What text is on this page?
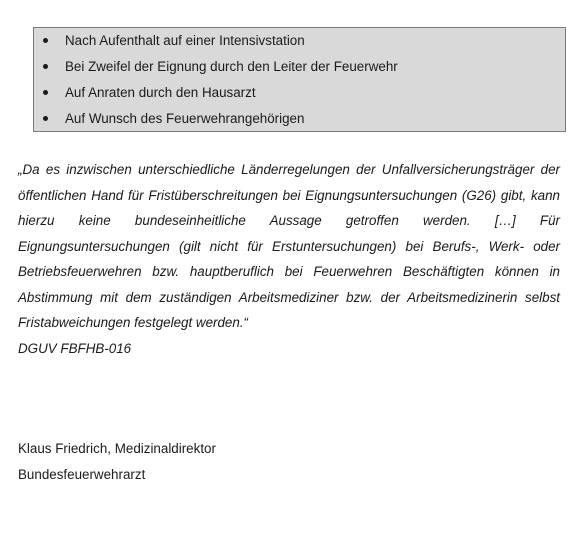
Nach Aufenthalt auf einer Intensivstation
Bei Zweifel der Eignung durch den Leiter der Feuerwehr
Auf Anraten durch den Hausarzt
Auf Wunsch des Feuerwehrangehörigen

„Da es inzwischen unterschiedliche Länderregelungen der Unfallversicherungsträger der öffentlichen Hand für Fristüberschreitungen bei Eignungsuntersuchungen (G26) gibt, kann hierzu keine bundeseinheitliche Aussage getroffen werden. […] Für Eignungsuntersuchungen (gilt nicht für Erstuntersuchungen) bei Berufs-, Werk- oder Betriebsfeuerwehren bzw. hauptberuflich bei Feuerwehren Beschäftigten können in Abstimmung mit dem zuständigen Arbeitsmediziner bzw. der Arbeitsmedizinerin selbst Fristabweichungen festgelegt werden.“

DGUV FBFHB-016
Klaus Friedrich, Medizinaldirektor
Bundesfeuerwehrarzt
